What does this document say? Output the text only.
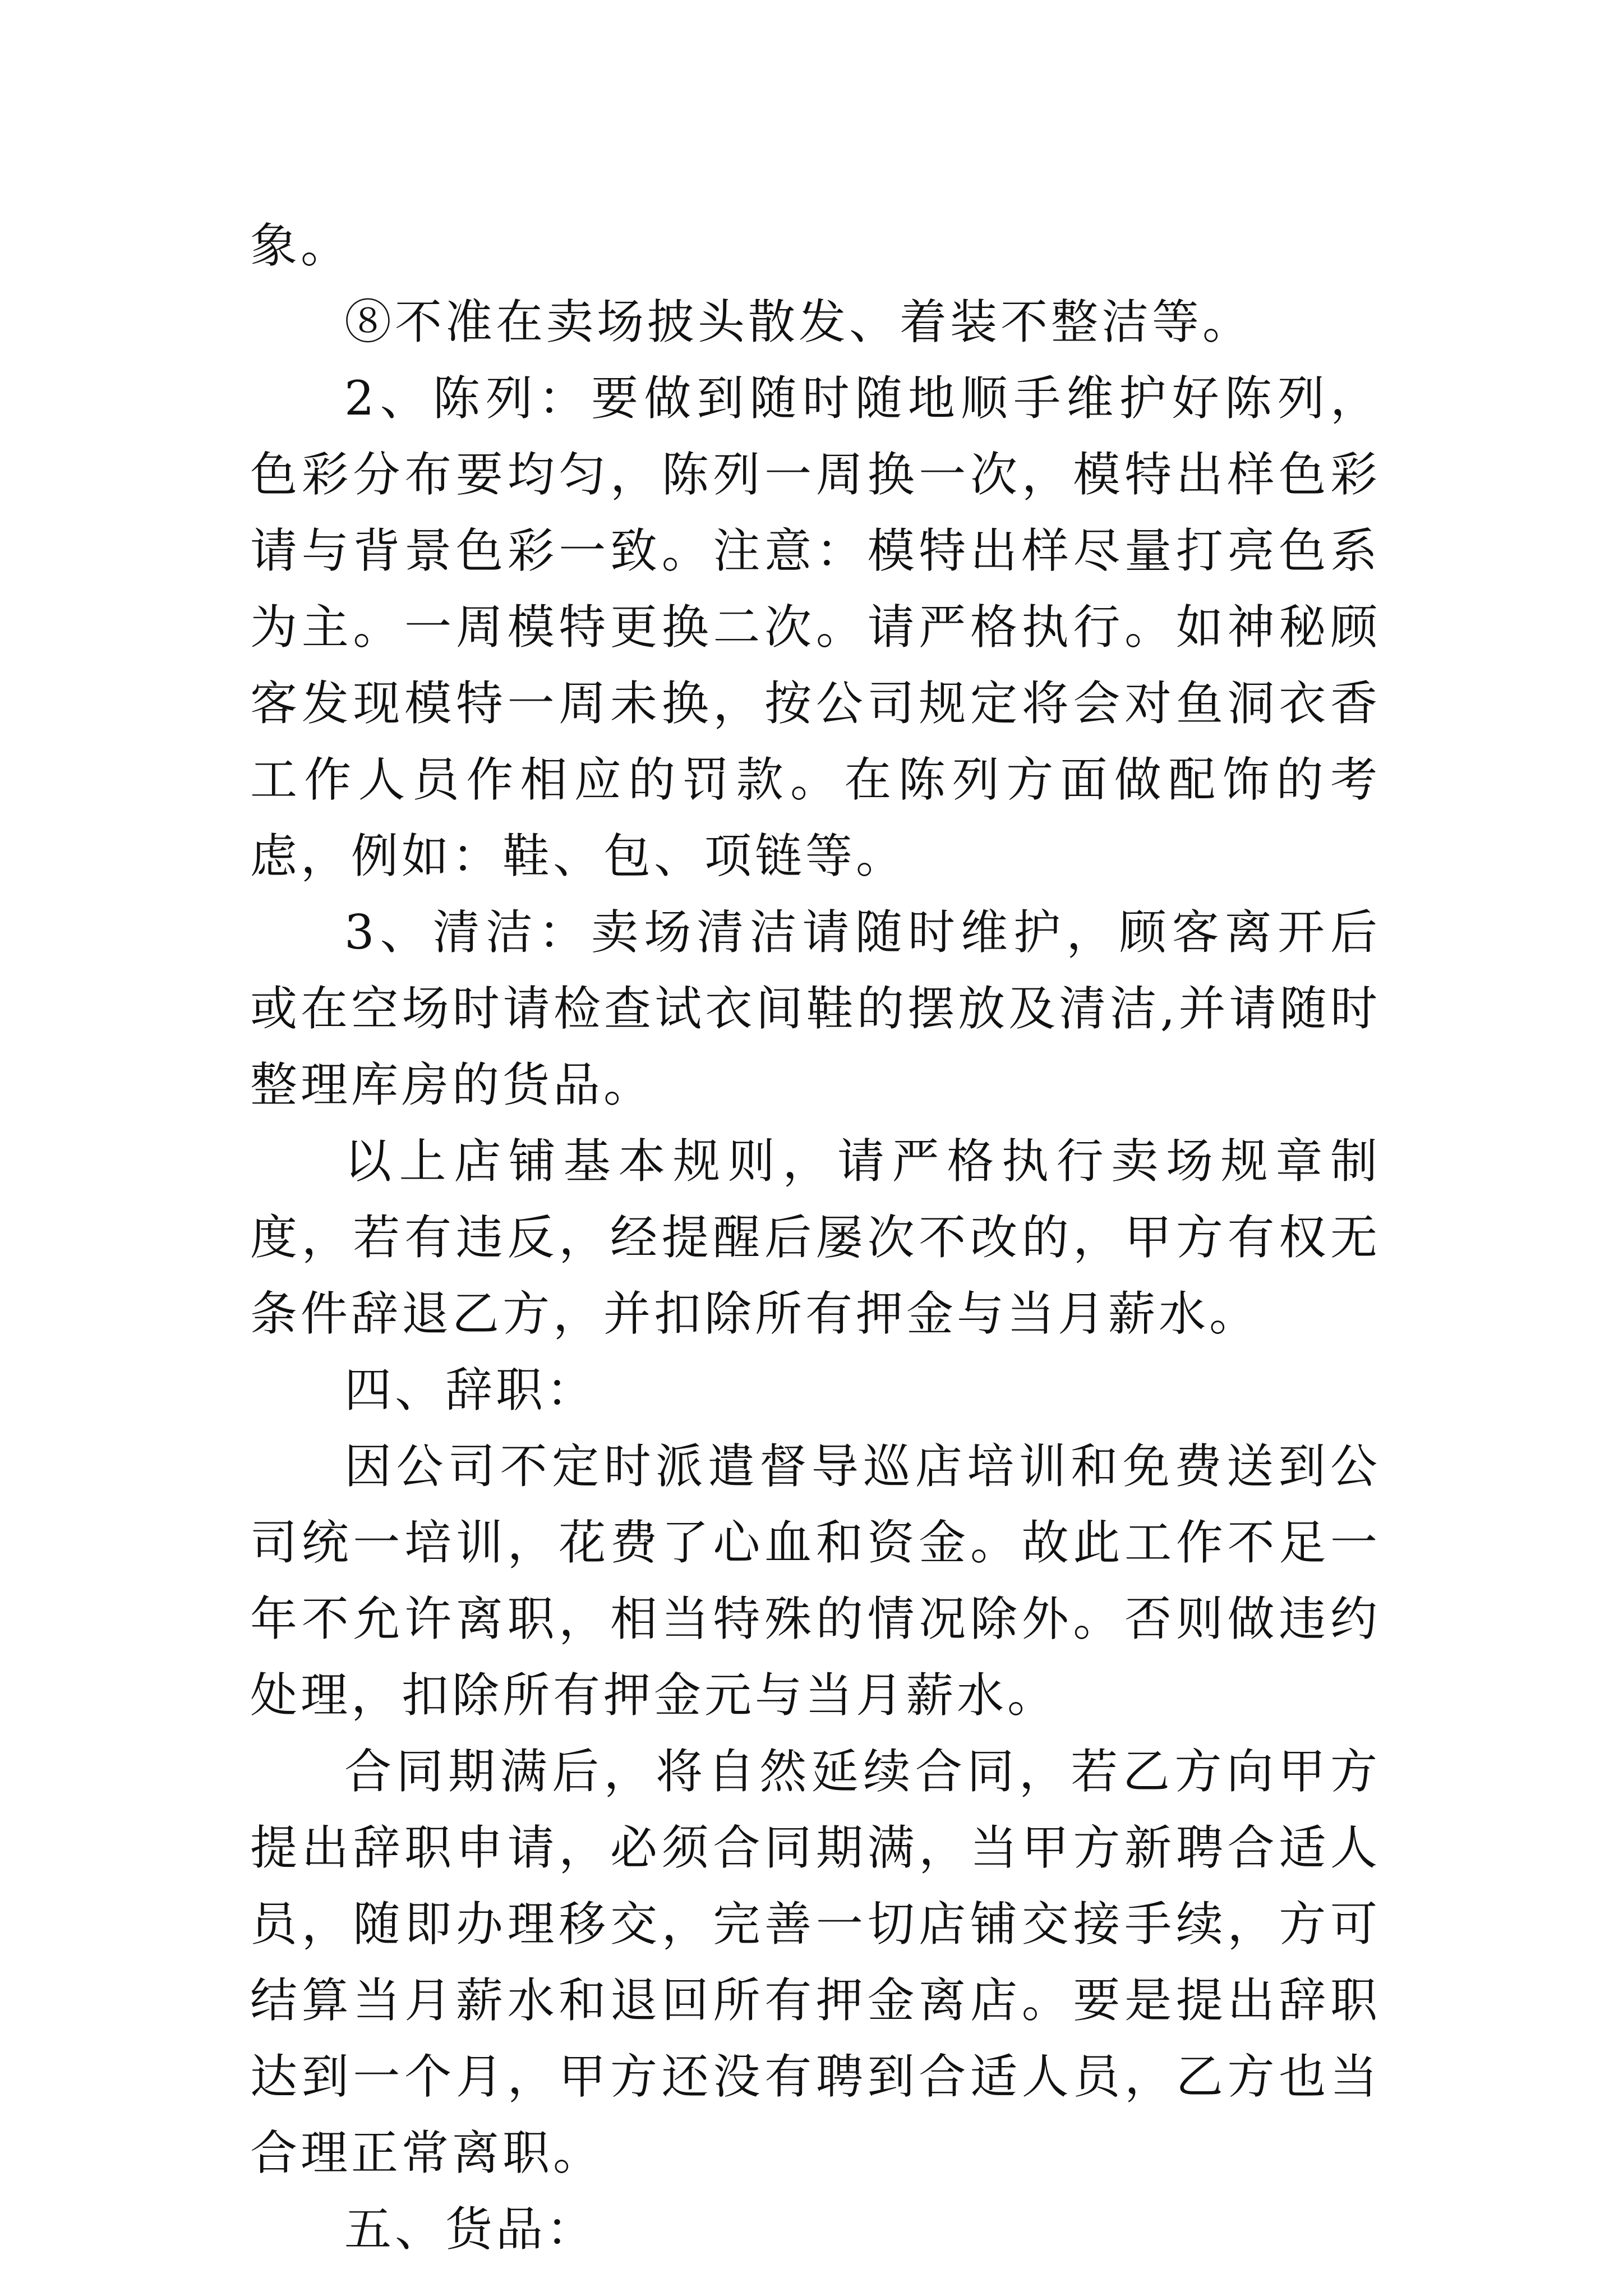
象。

⑧不准在卖场披头散发、着装不整洁等。

2、陈列：要做到随时随地顺手维护好陈列，色彩分布要均匀，陈列一周换一次，模特出样色彩请与背景色彩一致。注意：模特出样尽量打亮色系为主。一周模特更换二次。请严格执行。如神秘顾客发现模特一周未换，按公司规定将会对鱼洞衣香工作人员作相应的罚款。在陈列方面做配饰的考虑，例如：鞋、包、项链等。

3、清洁：卖场清洁请随时维护，顾客离开后或在空场时请检查试衣间鞋的摆放及清洁,并请随时整理库房的货品。

以上店铺基本规则，请严格执行卖场规章制度，若有违反，经提醒后屡次不改的，甲方有权无条件辞退乙方，并扣除所有押金与当月薪水。

四、辞职：

因公司不定时派遣督导巡店培训和免费送到公司统一培训，花费了心血和资金。故此工作不足一年不允许离职，相当特殊的情况除外。否则做违约处理，扣除所有押金元与当月薪水。

合同期满后，将自然延续合同，若乙方向甲方提出辞职申请，必须合同期满，当甲方新聘合适人员，随即办理移交，完善一切店铺交接手续，方可结算当月薪水和退回所有押金离店。要是提出辞职达到一个月，甲方还没有聘到合适人员，乙方也当合理正常离职。

五、货品：
